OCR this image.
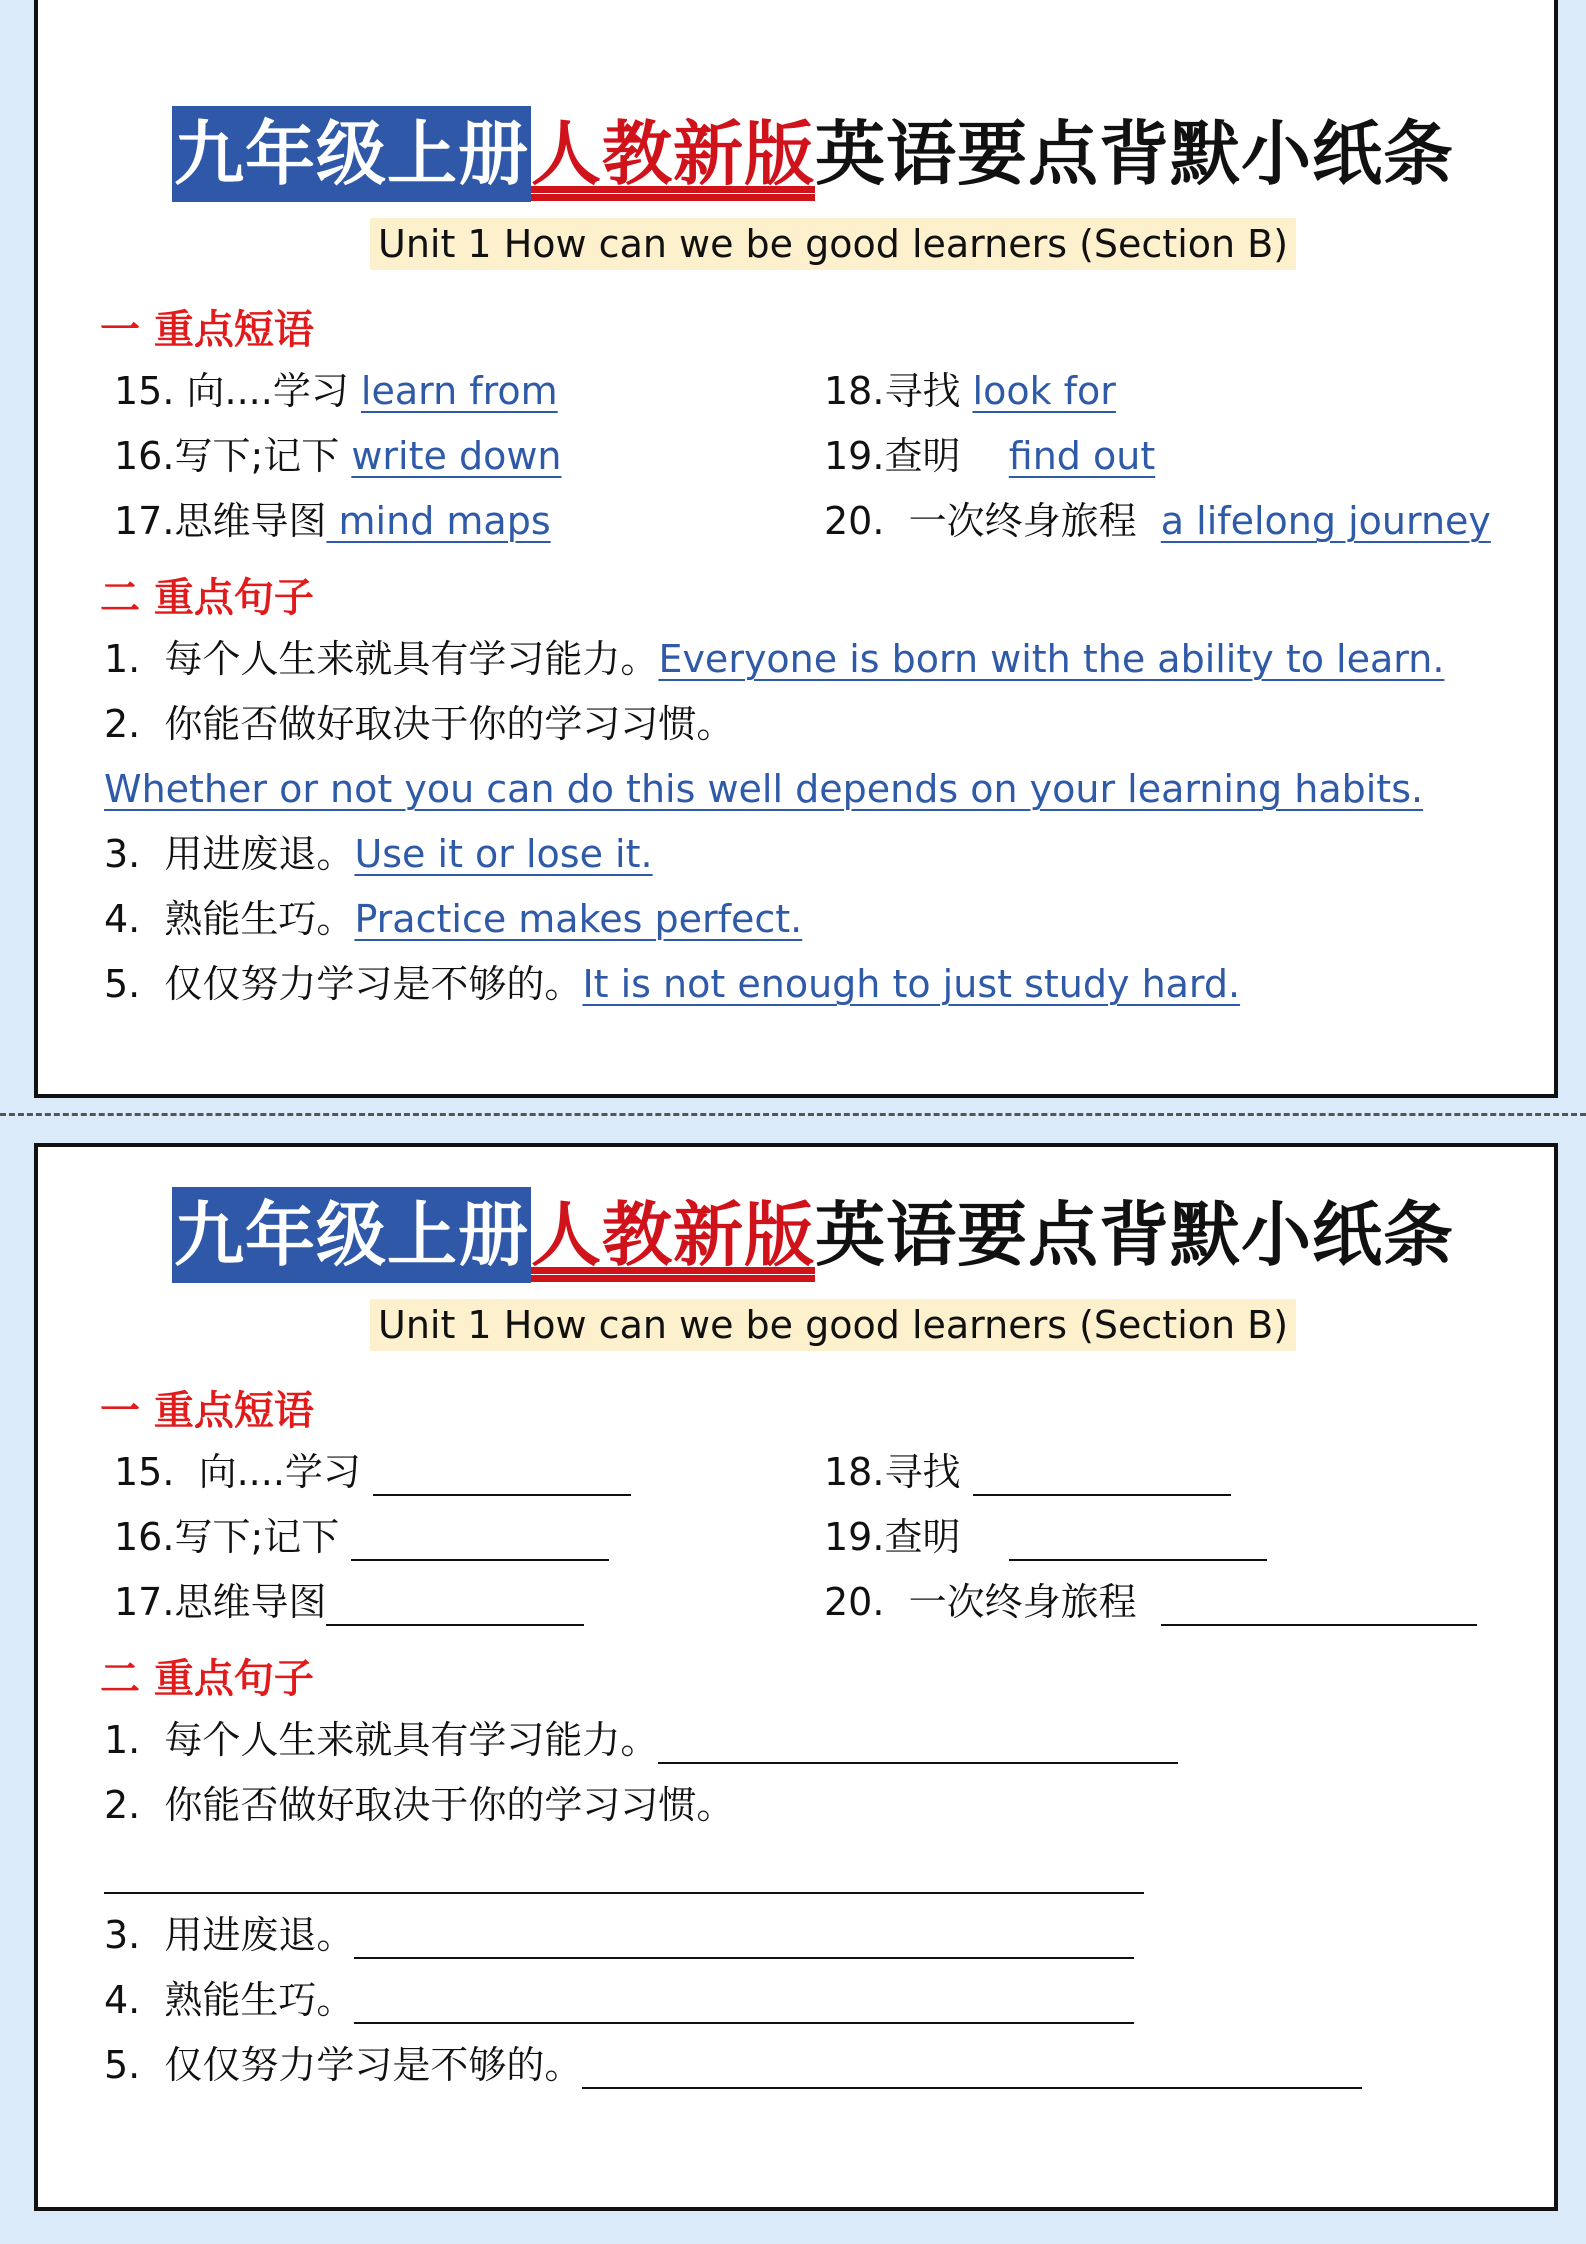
九年级上册人教新版英语要点背默小纸条
Unit 1 How can we be good learners (Section B)
一 重点短语
15. 向....学习 learn from
16.写下;记下 write down
17.思维导图 mind maps
18.寻找 look for
19.查明    find out
20.  一次终身旅程  a lifelong journey
二 重点句子
1.  每个人生来就具有学习能力。Everyone is born with the ability to learn.
2.  你能否做好取决于你的学习习惯。
Whether or not you can do this well depends on your learning habits.
3.  用进废退。Use it or lose it.
4.  熟能生巧。Practice makes perfect.
5.  仅仅努力学习是不够的。It is not enough to just study hard.
九年级上册人教新版英语要点背默小纸条
Unit 1 How can we be good learners (Section B)
一 重点短语
15.  向....学习
16.写下;记下
17.思维导图
18.寻找
19.查明
20.  一次终身旅程
二 重点句子
1.  每个人生来就具有学习能力。
2.  你能否做好取决于你的学习习惯。
3.  用进废退。
4.  熟能生巧。
5.  仅仅努力学习是不够的。
